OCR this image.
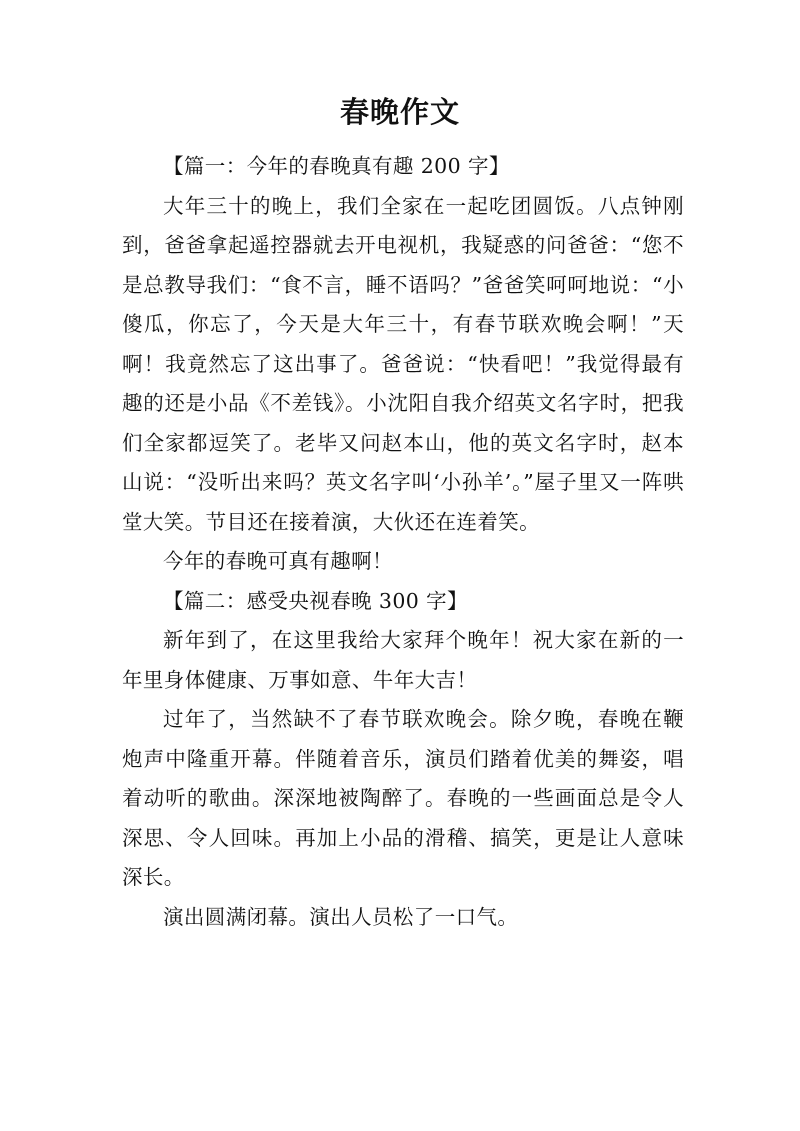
春晚作文

【篇一：今年的春晚真有趣 200 字】

大年三十的晚上，我们全家在一起吃团圆饭。八点钟刚到，爸爸拿起遥控器就去开电视机，我疑惑的问爸爸：“您不是总教导我们：“食不言，睡不语吗？”爸爸笑呵呵地说：“小傻瓜，你忘了，今天是大年三十，有春节联欢晚会啊！”天啊！我竟然忘了这出事了。爸爸说：“快看吧！”我觉得最有趣的还是小品《不差钱》。小沈阳自我介绍英文名字时，把我们全家都逗笑了。老毕又问赵本山，他的英文名字时，赵本山说：“没听出来吗？英文名字叫‘小孙羊’。”屋子里又一阵哄堂大笑。节目还在接着演，大伙还在连着笑。

今年的春晚可真有趣啊！

【篇二：感受央视春晚 300 字】

新年到了，在这里我给大家拜个晚年！祝大家在新的一年里身体健康、万事如意、牛年大吉！

过年了，当然缺不了春节联欢晚会。除夕晚，春晚在鞭炮声中隆重开幕。伴随着音乐，演员们踏着优美的舞姿，唱着动听的歌曲。深深地被陶醉了。春晚的一些画面总是令人深思、令人回味。再加上小品的滑稽、搞笑，更是让人意味深长。

演出圆满闭幕。演出人员松了一口气。
